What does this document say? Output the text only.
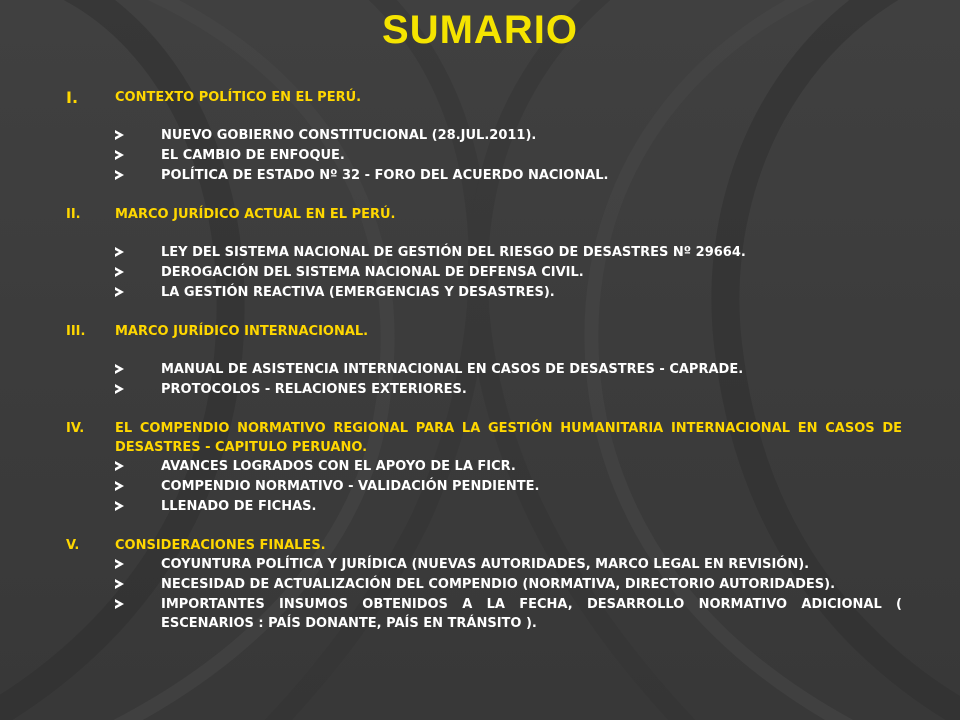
SUMARIO
I.	CONTEXTO POLÍTICO EN EL PERÚ.
NUEVO GOBIERNO CONSTITUCIONAL (28.JUL.2011).
EL CAMBIO DE ENFOQUE.
POLÍTICA DE ESTADO Nº 32 - FORO DEL ACUERDO NACIONAL.
II.	MARCO JURÍDICO ACTUAL EN EL PERÚ.
LEY DEL SISTEMA NACIONAL DE GESTIÓN DEL RIESGO DE DESASTRES Nº 29664.
DEROGACIÓN DEL SISTEMA NACIONAL DE DEFENSA CIVIL.
LA GESTIÓN REACTIVA (EMERGENCIAS Y DESASTRES).
III.	MARCO JURÍDICO INTERNACIONAL.
MANUAL DE ASISTENCIA INTERNACIONAL EN CASOS DE DESASTRES - CAPRADE.
PROTOCOLOS - RELACIONES EXTERIORES.
IV.	EL COMPENDIO NORMATIVO REGIONAL PARA LA GESTIÓN HUMANITARIA INTERNACIONAL EN CASOS DE DESASTRES - CAPITULO PERUANO.
AVANCES LOGRADOS CON EL APOYO DE LA FICR.
COMPENDIO NORMATIVO - VALIDACIÓN PENDIENTE.
LLENADO DE FICHAS.
V.	CONSIDERACIONES FINALES.
COYUNTURA POLÍTICA Y JURÍDICA (NUEVAS AUTORIDADES, MARCO LEGAL EN REVISIÓN).
NECESIDAD DE ACTUALIZACIÓN DEL COMPENDIO (NORMATIVA, DIRECTORIO AUTORIDADES).
IMPORTANTES INSUMOS OBTENIDOS A LA FECHA, DESARROLLO NORMATIVO ADICIONAL ( ESCENARIOS : PAÍS DONANTE, PAÍS EN TRÁNSITO ).
